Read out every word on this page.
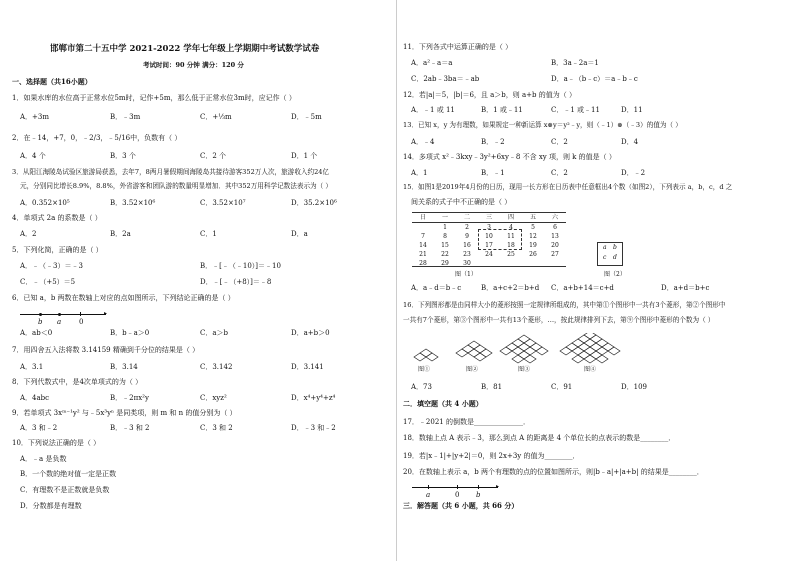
邯郸市第二十五中学 2021-2022 学年七年级上学期期中考试数学试卷
考试时间：90 分钟 满分：120 分
一、选择题（共16小题）
1．如果水库的水位高于正常水位5m时，记作+5m，那么低于正常水位3m时，应记作（ ）
A．+3m	B．﹣3m	C．+⅓m	D．﹣5m
2．在﹣14，+7，0，﹣2/3，﹣5/16中，负数有（ ）
A．4 个	B．3 个	C．2 个	D．1 个
3．从阳江海陵岛试验区旅游局获悉，去年7，8两月暑假期间海陵岛共接待游客352万人次，旅游收入约24亿
元，分别同比增长8.9%，8.8%，外省游客和团队游的数量明显增加．其中352万用科学记数法表示为（ ）
A．0.352×10⁵	B．3.52×10⁶	C．3.52×10⁷	D．35.2×10⁶
4．单项式 2a 的系数是（ ）
A．2	B．2a	C．1	D．a
5．下列化简，正确的是（ ）
A．﹣（﹣3）＝﹣3	B．﹣[﹣（﹣10）]＝﹣10
C．﹣（+5）＝5	D．﹣[﹣（+8）]＝﹣8
6．已知 a，b 两数在数轴上对应的点如图所示，下列结论正确的是（ ）
▸
b a	0
A．ab＜0	B．b﹣a＞0	C．a＞b	D．a+b＞0
7．用四舍五入法将数 3.14159 精确到千分位的结果是（ ）
A．3.1	B．3.14	C．3.142	D．3.141
8．下列代数式中，是4次单项式的为（ ）
A．4abc	B．﹣2πx²y	C．xyz²	D．x⁴+y⁴+z⁴
9．若单项式 3xᵐ⁻¹y² 与﹣5x³yⁿ 是同类项，则 m 和 n 的值分别为（ ）
A．3 和﹣2	B．﹣3 和 2	C．3 和 2	D．﹣3 和﹣2
10．下列说法正确的是（ ）
A．﹣a 是负数
B．一个数的绝对值一定是正数
C．有理数不是正数就是负数
D．分数都是有理数
11．下列各式中运算正确的是（ ）
A．a²﹣a＝a	B．3a﹣2a＝1
C．2ab﹣3ba＝﹣ab	D．a﹣（b﹣c）＝a﹣b﹣c
12．若|a|＝5，|b|＝6，且 a＞b，则 a+b 的值为（ ）
A．﹣1 或 11	B．1 或﹣11	C．﹣1 或﹣11	D．11
13．已知 x，y 为有理数，如果规定一种新运算 x⊗y＝y²﹣y，则（﹣1）⊗（﹣3）的值为（ ）
A．﹣4	B．﹣2	C．2	D．4
14．多项式 x²﹣3kxy﹣3y²+6xy﹣8 不含 xy 项，则 k 的值是（ ）
A．1	B．﹣1	C．2	D．﹣2
15．如图1是2019年4月份的日历，现用一长方形在日历表中任意框出4个数（如图2），下列表示 a，b，c，d 之
间关系的式子中不正确的是（ ）
日	一	二	三	四	五	六
	1	2	3	4	5	6
7	8	9	10	11	12	13
14	15	16	17	18	19	20
21	22	23	24	25	26	27
28	29	30				
图（1）
a b
c d
图（2）
A．a﹣d＝b﹣c	B．a+c+2＝b+d C．a+b+14＝c+d	D．a+d＝b+c
16．下列图形都是由同样大小的菱形按照一定规律所组成的，其中第①个图形中一共有3个菱形，第②个图形中
一共有7个菱形，第③个图形中一共有13个菱形，…，按此规律排列下去，第⑨个图形中菱形的个数为（ ）
图①	图②	图③	图④
A．73	B．81	C．91	D．109
二．填空题（共 4 小题）
17．﹣2021 的倒数是______________．
18．数轴上点 A 表示﹣3，那么到点 A 的距离是 4 个单位长的点表示的数是________．
19．若|x﹣1|+|y+2|＝0，则 2x+3y 的值为________．
20．在数轴上表示 a，b 两个有理数的点的位置如图所示，则|b﹣a|+|a+b| 的结果是________．
▸
a	0 b
三．解答题（共 6 小题，共 66 分）
